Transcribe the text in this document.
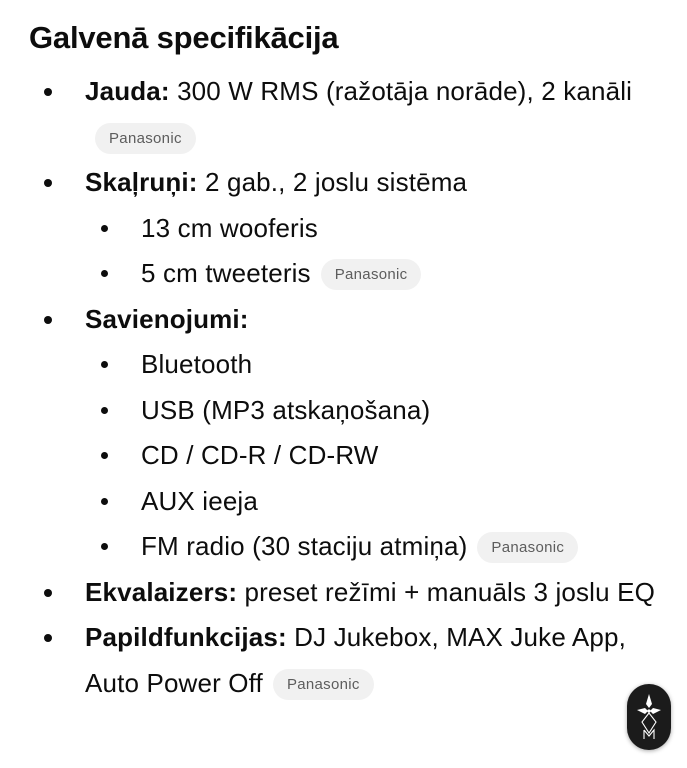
Galvenā specifikācija
Jauda: 300 W RMS (ražotāja norāde), 2 kanāliPanasonic
Skaļruņi: 2 gab., 2 joslu sistēma
13 cm wooferis
5 cm tweeteris Panasonic
Savienojumi:
Bluetooth
USB (MP3 atskaņošana)
CD / CD-R / CD-RW
AUX ieeja
FM radio (30 staciju atmiņa) Panasonic
Ekvalaizers: preset režīmi + manuāls 3 joslu EQ
Papildfunkcijas: DJ Jukebox, MAX Juke App, Auto Power Off Panasonic
